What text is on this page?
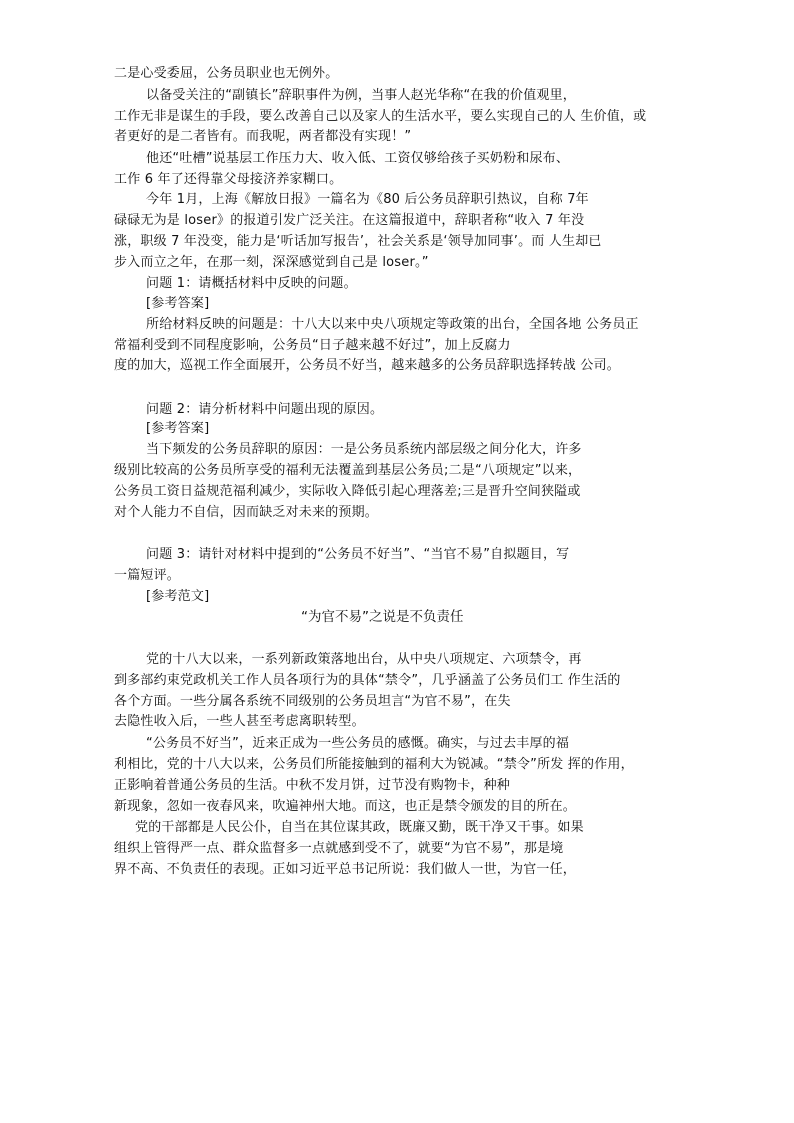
二是心受委屈，公务员职业也无例外。
以备受关注的“副镇长”辞职事件为例，当事人赵光华称“在我的价值观里，
工作无非是谋生的手段，要么改善自己以及家人的生活水平，要么实现自己的人 生价值，或
者更好的是二者皆有。而我呢，两者都没有实现！”
他还“吐槽”说基层工作压力大、收入低、工资仅够给孩子买奶粉和尿布、
工作 6 年了还得靠父母接济养家糊口。
今年 1月，上海《解放日报》一篇名为《80 后公务员辞职引热议，自称 7年
碌碌无为是 loser》的报道引发广泛关注。在这篇报道中，辞职者称“收入 7 年没
涨，职级 7 年没变，能力是‘听话加写报告’，社会关系是‘领导加同事’。而 人生却已
步入而立之年，在那一刻，深深感觉到自己是 loser。”
问题 1：请概括材料中反映的问题。
[参考答案]
所给材料反映的问题是：十八大以来中央八项规定等政策的出台，全国各地 公务员正
常福利受到不同程度影响，公务员“日子越来越不好过”，加上反腐力
度的加大，巡视工作全面展开，公务员不好当，越来越多的公务员辞职选择转战 公司。
问题 2：请分析材料中问题出现的原因。
[参考答案]
当下频发的公务员辞职的原因：一是公务员系统内部层级之间分化大，许多
级别比较高的公务员所享受的福利无法覆盖到基层公务员;二是“八项规定”以来，
公务员工资日益规范福利减少，实际收入降低引起心理落差;三是晋升空间狭隘或
对个人能力不自信，因而缺乏对未来的预期。
问题 3：请针对材料中提到的“公务员不好当”、“当官不易”自拟题目，写
一篇短评。
[参考范文]
“为官不易”之说是不负责任
党的十八大以来，一系列新政策落地出台，从中央八项规定、六项禁令，再
到多部约束党政机关工作人员各项行为的具体“禁令”，几乎涵盖了公务员们工 作生活的
各个方面。一些分属各系统不同级别的公务员坦言“为官不易”，在失
去隐性收入后，一些人甚至考虑离职转型。
“公务员不好当”，近来正成为一些公务员的感慨。确实，与过去丰厚的福
利相比，党的十八大以来，公务员们所能接触到的福利大为锐减。“禁令”所发 挥的作用，
正影响着普通公务员的生活。中秋不发月饼，过节没有购物卡，种种
新现象，忽如一夜春风来，吹遍神州大地。而这，也正是禁令颁发的目的所在。
党的干部都是人民公仆，自当在其位谋其政，既廉又勤，既干净又干事。如果
组织上管得严一点、群众监督多一点就感到受不了，就要“为官不易”，那是境
界不高、不负责任的表现。正如习近平总书记所说：我们做人一世，为官一任，
